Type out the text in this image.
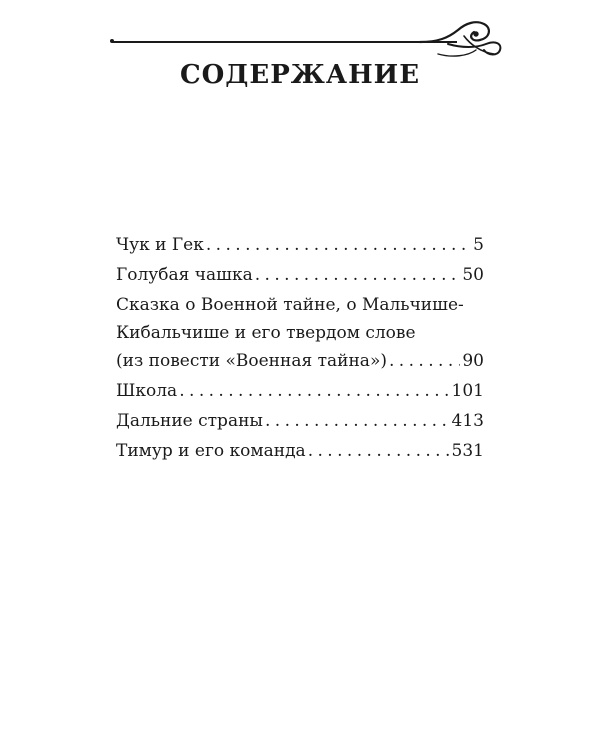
СОДЕРЖАНИЕ
Чук и Гек . . .	5
Голубая чашка . . .	50
Сказка о Военной тайне, о Мальчише-
Кибальчише и его твердом слове
(из повести «Военная тайна») . . .	90
Школа . . .	101
Дальние страны . . .	413
Тимур и его команда . . .	531
